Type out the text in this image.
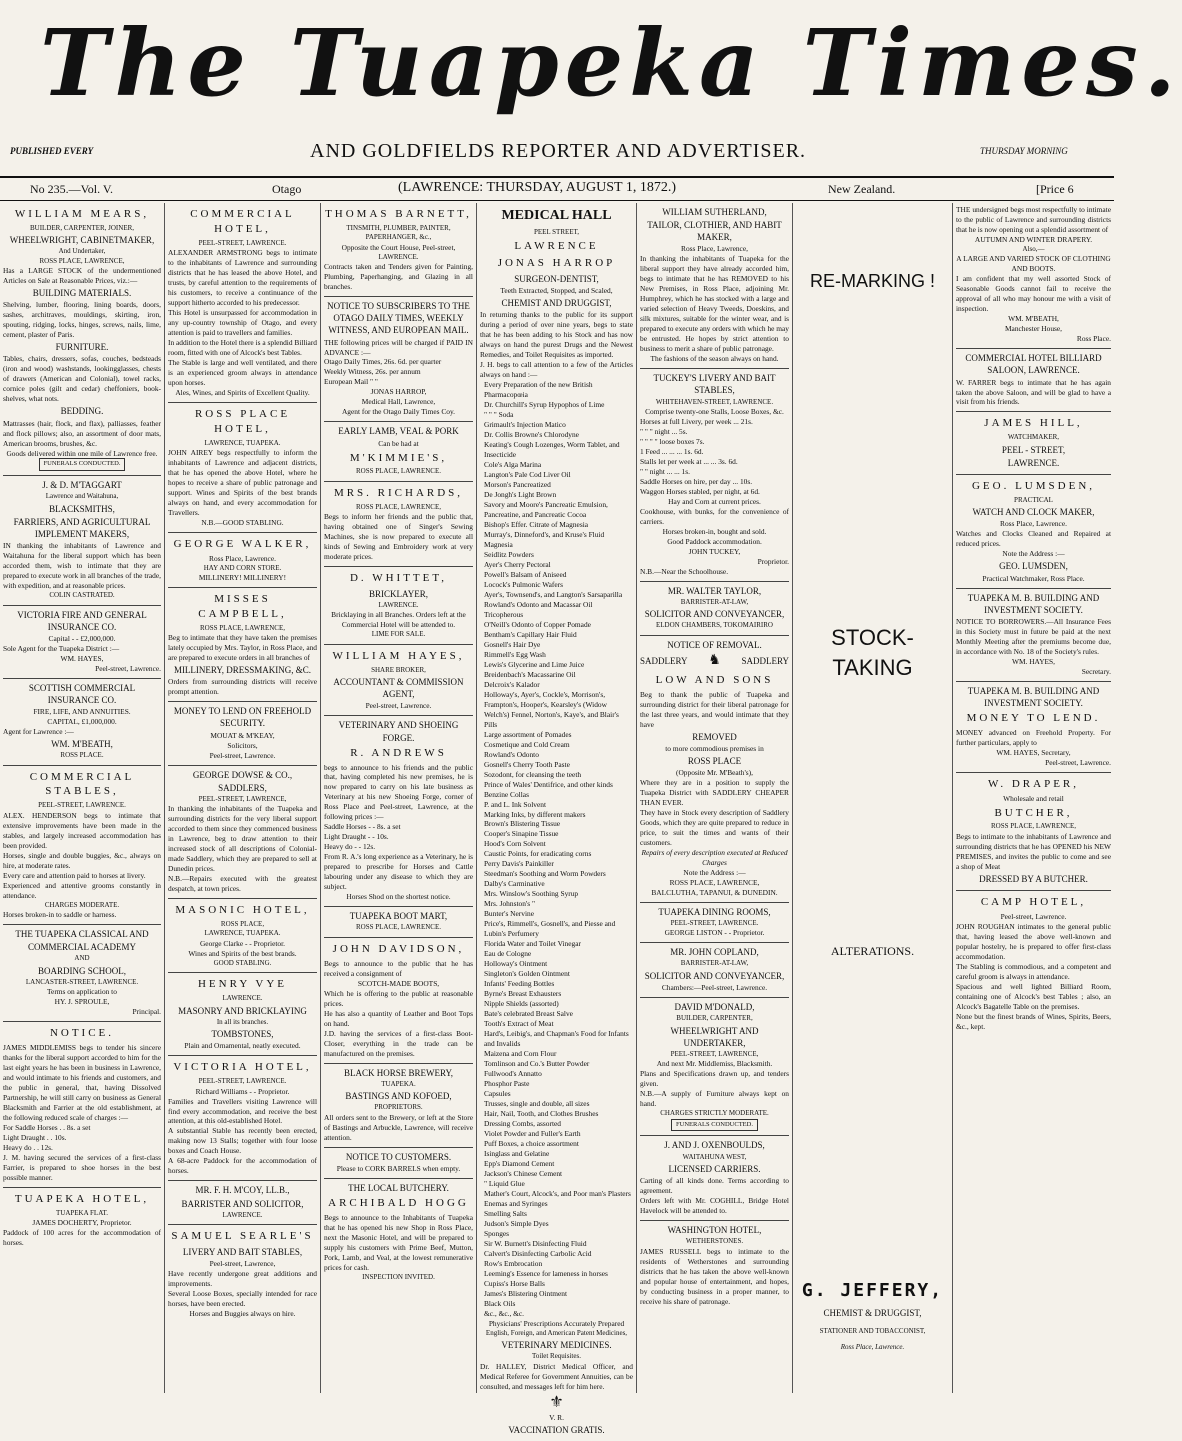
The Tuapeka Times.
PUBLISHED EVERY	AND GOLDFIELDS REPORTER AND ADVERTISER.	THURSDAY MORNING
No 235.—Vol. V.	Otago	(LAWRENCE: THURSDAY, AUGUST 1, 1872.)	New Zealand.	[Price 6
WILLIAM MEARS,
BUILDER, CARPENTER, JOINER,
WHEELWRIGHT, CABINETMAKER,
And Undertaker,
ROSS PLACE, LAWRENCE,
Has a LARGE STOCK of the undermentioned Articles on Sale at Reasonable Prices, viz.:—
BUILDING MATERIALS.
Shelving, lumber, flooring, lining boards, doors, sashes, architraves, mouldings, skirting, iron, spouting, ridging, locks, hinges, screws, nails, lime, cement, plaster of Paris.
FURNITURE.
Tables, chairs, dressers, sofas, couches, bedsteads (iron and wood) washstands, lookingglasses, chests of drawers (American and Colonial), towel racks, cornice poles (gilt and cedar) cheffoniers, book-shelves, what nots.
BEDDING.
Mattrasses (hair, flock, and flax), palliasses, feather and flock pillows; also, an assortment of door mats, American brooms, brushes, &c.
Goods delivered within one mile of Lawrence free.
FUNERALS CONDUCTED.
J. & D. M'TAGGART
Lawrence and Waitahuna,
BLACKSMITHS,
FARRIERS, AND AGRICULTURAL IMPLEMENT MAKERS,
IN thanking the inhabitants of Lawrence and Waitahuna for the liberal support which has been accorded them, wish to intimate that they are prepared to execute work in all branches of the trade, with expedition, and at reasonable prices.
COLIN CASTRATED.
VICTORIA FIRE AND GENERAL INSURANCE CO.
Capital - - £2,000,000.
Sole Agent for the Tuapeka District :—
WM. HAYES,
Peel-street, Lawrence.
SCOTTISH COMMERCIAL INSURANCE CO.
FIRE, LIFE, AND ANNUITIES.
CAPITAL, £1,000,000.
Agent for Lawrence :—
WM. M'BEATH,
ROSS PLACE.
COMMERCIAL STABLES,
PEEL-STREET, LAWRENCE.
ALEX. HENDERSON begs to intimate that extensive improvements have been made in the stables, and largely increased accommodation has been provided.
Horses, single and double buggies, &c., always on hire, at moderate rates.
Every care and attention paid to horses at livery.
Experienced and attentive grooms constantly in attendance.
CHARGES MODERATE.
Horses broken-in to saddle or harness.
THE TUAPEKA CLASSICAL AND
COMMERCIAL ACADEMY
AND
BOARDING SCHOOL,
LANCASTER-STREET, LAWRENCE.
Terms on application to
HY. J. SPROULE,
Principal.
NOTICE.
JAMES MIDDLEMISS begs to tender his sincere thanks for the liberal support accorded to him for the last eight years he has been in business in Lawrence, and would intimate to his friends and customers, and the public in general, that, having Dissolved Partnership, he will still carry on business as General Blacksmith and Farrier at the old establishment, at the following reduced scale of charges :—
For Saddle Horses . . 8s. a set
Light Draught . . 10s.
Heavy do . . 12s.
J. M. having secured the services of a first-class Farrier, is prepared to shoe horses in the best possible manner.
TUAPEKA HOTEL,
TUAPEKA FLAT.
JAMES DOCHERTY, Proprietor.
Paddock of 100 acres for the accommodation of horses.
COMMERCIAL HOTEL,
PEEL-STREET, LAWRENCE.
ALEXANDER ARMSTRONG begs to intimate to the inhabitants of Lawrence and surrounding districts that he has leased the above Hotel, and trusts, by careful attention to the requirements of his customers, to receive a continuance of the support hitherto accorded to his predecessor.
This Hotel is unsurpassed for accommodation in any up-country township of Otago, and every attention is paid to travellers and families.
In addition to the Hotel there is a splendid Billiard room, fitted with one of Alcock's best Tables.
The Stable is large and well ventilated, and there is an experienced groom always in attendance upon horses.
Ales, Wines, and Spirits of Excellent Quality.
ROSS PLACE HOTEL,
LAWRENCE, TUAPEKA.
JOHN AIREY begs respectfully to inform the inhabitants of Lawrence and adjacent districts, that he has opened the above Hotel, where he hopes to receive a share of public patronage and support. Wines and Spirits of the best brands always on hand, and every accommodation for Travellers.
N.B.—GOOD STABLING.
GEORGE WALKER,
Ross Place, Lawrence.
HAY AND CORN STORE.
MILLINERY! MILLINERY!
MISSES CAMPBELL,
ROSS PLACE, LAWRENCE,
Beg to intimate that they have taken the premises lately occupied by Mrs. Taylor, in Ross Place, and are prepared to execute orders in all branches of
MILLINERY, DRESSMAKING, &C.
Orders from surrounding districts will receive prompt attention.
MONEY TO LEND ON FREEHOLD SECURITY.
MOUAT & M'KEAY,
Solicitors,
Peel-street, Lawrence.
GEORGE DOWSE & CO.,
SADDLERS,
PEEL-STREET, LAWRENCE,
In thanking the inhabitants of the Tuapeka and surrounding districts for the very liberal support accorded to them since they commenced business in Lawrence, beg to draw attention to their increased stock of all descriptions of Colonial-made Saddlery, which they are prepared to sell at Dunedin prices.
N.B.—Repairs executed with the greatest despatch, at town prices.
MASONIC HOTEL,
ROSS PLACE,
LAWRENCE, TUAPEKA.
George Clarke - - Proprietor.
Wines and Spirits of the best brands.
GOOD STABLING.
HENRY VYE
LAWRENCE.
MASONRY AND BRICKLAYING
In all its branches.
TOMBSTONES,
Plain and Ornamental, neatly executed.
VICTORIA HOTEL,
PEEL-STREET, LAWRENCE.
Richard Williams - - Proprietor.
Families and Travellers visiting Lawrence will find every accommodation, and receive the best attention, at this old-established Hotel.
A substantial Stable has recently been erected, making now 13 Stalls; together with four loose boxes and Coach House.
A 68-acre Paddock for the accommodation of horses.
MR. F. H. M'COY, LL.B.,
BARRISTER AND SOLICITOR,
LAWRENCE.
SAMUEL SEARLE'S
LIVERY AND BAIT STABLES,
Peel-street, Lawrence,
Have recently undergone great additions and improvements.
Several Loose Boxes, specially intended for race horses, have been erected.
Horses and Buggies always on hire.
THOMAS BARNETT,
TINSMITH, PLUMBER, PAINTER,
PAPERHANGER, &c.,
Opposite the Court House, Peel-street,
LAWRENCE.
Contracts taken and Tenders given for Painting, Plumbing, Paperhanging, and Glazing in all branches.
NOTICE TO SUBSCRIBERS TO THE OTAGO DAILY TIMES, WEEKLY WITNESS, AND EUROPEAN MAIL.
THE following prices will be charged if PAID IN ADVANCE :—
Otago Daily Times, 26s. 6d. per quarter
Weekly Witness, 26s. per annum
European Mail " "
JONAS HARROP,
Medical Hall, Lawrence,
Agent for the Otago Daily Times Coy.
EARLY LAMB, VEAL & PORK
Can be had at
M'KIMMIE'S,
ROSS PLACE, LAWRENCE.
MRS. RICHARDS,
ROSS PLACE, LAWRENCE,
Begs to inform her friends and the public that, having obtained one of Singer's Sewing Machines, she is now prepared to execute all kinds of Sewing and Embroidery work at very moderate prices.
D. WHITTET,
BRICKLAYER,
LAWRENCE.
Bricklaying in all Branches. Orders left at the Commercial Hotel will be attended to.
LIME FOR SALE.
WILLIAM HAYES,
SHARE BROKER,
ACCOUNTANT & COMMISSION AGENT,
Peel-street, Lawrence.
VETERINARY AND SHOEING FORGE.
R. ANDREWS
begs to announce to his friends and the public that, having completed his new premises, he is now prepared to carry on his late business as Veterinary at his new Shoeing Forge, corner of Ross Place and Peel-street, Lawrence, at the following prices :—
Saddle Horses - - 8s. a set
Light Draught - - 10s.
Heavy do - - 12s.
From R. A.'s long experience as a Veterinary, he is prepared to prescribe for Horses and Cattle labouring under any disease to which they are subject.
Horses Shod on the shortest notice.
TUAPEKA BOOT MART,
ROSS PLACE, LAWRENCE.
JOHN DAVIDSON,
Begs to announce to the public that he has received a consignment of
SCOTCH-MADE BOOTS,
Which he is offering to the public at reasonable prices.
He has also a quantity of Leather and Boot Tops on hand.
J.D. having the services of a first-class Boot-Closer, everything in the trade can be manufactured on the premises.
BLACK HORSE BREWERY,
TUAPEKA.
BASTINGS AND KOFOED,
PROPRIETORS.
All orders sent to the Brewery, or left at the Store of Bastings and Arbuckle, Lawrence, will receive attention.
NOTICE TO CUSTOMERS.
Please to CORK BARRELS when empty.
THE LOCAL BUTCHERY.
ARCHIBALD HOGG
Begs to announce to the Inhabitants of Tuapeka that he has opened his new Shop in Ross Place, next the Masonic Hotel, and will be prepared to supply his customers with Prime Beef, Mutton, Pork, Lamb, and Veal, at the lowest remunerative prices for cash.
INSPECTION INVITED.
MEDICAL HALL
PEEL STREET,
LAWRENCE
JONAS HARROP
SURGEON-DENTIST,
Teeth Extracted, Stopped, and Scaled,
CHEMIST AND DRUGGIST,
In returning thanks to the public for its support during a period of over nine years, begs to state that he has been adding to his Stock and has now always on hand the purest Drugs and the Newest Remedies, and Toilet Requisites as imported.
J. H. begs to call attention to a few of the Articles always on hand :—
Every Preparation of the new British Pharmacopœia
Dr. Churchill's Syrup Hypophos of Lime
" " " Soda
Grimault's Injection Matico
Dr. Collis Browne's Chlorodyne
Keating's Cough Lozenges, Worm Tablet, and Insecticide
Cole's Alga Marina
Langton's Pale Cod Liver Oil
Morson's Pancreatized
De Jongh's Light Brown
Savory and Moore's Pancreatic Emulsion, Pancreatine, and Pancreatic Cocoa
Bishop's Effer. Citrate of Magnesia
Murray's, Dinneford's, and Kruse's Fluid Magnesia
Seidlitz Powders
Ayer's Cherry Pectoral
Powell's Balsam of Aniseed
Locock's Pulmonic Wafers
Ayer's, Townsend's, and Langton's Sarsaparilla
Rowland's Odonto and Macassar Oil
Tricopherous
O'Neill's Odonto of Copper Pomade
Bentham's Capillary Hair Fluid
Gosnell's Hair Dye
Rimmell's Egg Wash
Lewis's Glycerine and Lime Juice
Breidenbach's Macassarine Oil
Delcroix's Kalador
Holloway's, Ayer's, Cockle's, Morrison's, Frampton's, Hooper's, Kearsley's (Widow Welch's) Fennel, Norton's, Kaye's, and Blair's Pills
Large assortment of Pomades
Cosmetique and Cold Cream
Rowland's Odonto
Gosnell's Cherry Tooth Paste
Sozodont, for cleansing the teeth
Prince of Wales' Dentifrice, and other kinds
Benzine Collas
P. and L. Ink Solvent
Marking Inks, by different makers
Brown's Blistering Tissue
Cooper's Sinapine Tissue
Hood's Corn Solvent
Caustic Points, for eradicating corns
Perry Davis's Painkiller
Steedman's Soothing and Worm Powders
Dalby's Carminative
Mrs. Winslow's Soothing Syrup
Mrs. Johnston's "
Bunter's Nervine
Price's, Rimmell's, Gosnell's, and Piesse and Lubin's Perfumery
Florida Water and Toilet Vinegar
Eau de Cologne
Holloway's Ointment
Singleton's Golden Ointment
Infants' Feeding Bottles
Byrne's Breast Exhausters
Nipple Shields (assorted)
Bate's celebrated Breast Salve
Tooth's Extract of Meat
Hard's, Leibig's, and Chapman's Food for Infants and Invalids
Maizena and Corn Flour
Tomlinson and Co.'s Butter Powder
Fullwood's Annatto
Phosphor Paste
Capsules
Trusses, single and double, all sizes
Hair, Nail, Tooth, and Clothes Brushes
Dressing Combs, assorted
Violet Powder and Fuller's Earth
Puff Boxes, a choice assortment
Isinglass and Gelatine
Epp's Diamond Cement
Jackson's Chinese Cement
" Liquid Glue
Mather's Court, Alcock's, and Poor man's Plasters
Enemas and Syringes
Smelling Salts
Judson's Simple Dyes
Sponges
Sir W. Burnett's Disinfecting Fluid
Calvert's Disinfecting Carbolic Acid
Row's Embrocation
Leeming's Essence for lameness in horses
Cupiss's Horse Balls
James's Blistering Ointment
Black Oils
&c., &c., &c.
Physicians' Prescriptions Accurately Prepared
English, Foreign, and American Patent Medicines,
VETERINARY MEDICINES.
Toilet Requisites.
Dr. HALLEY, District Medical Officer, and Medical Referee for Government Annuities, can be consulted, and messages left for him here.
⚜
V. R.
VACCINATION GRATIS.
WILLIAM SUTHERLAND,
TAILOR, CLOTHIER, AND HABIT MAKER,
Ross Place, Lawrence,
In thanking the inhabitants of Tuapeka for the liberal support they have already accorded him, begs to intimate that he has REMOVED to his New Premises, in Ross Place, adjoining Mr. Humphrey, which he has stocked with a large and varied selection of Heavy Tweeds, Doeskins, and silk mixtures, suitable for the winter wear, and is prepared to execute any orders with which he may be entrusted. He hopes by strict attention to business to merit a share of public patronage.
The fashions of the season always on hand.
TUCKEY'S LIVERY AND BAIT STABLES,
WHITEHAVEN-STREET, LAWRENCE.
Comprise twenty-one Stalls, Loose Boxes, &c.
Horses at full Livery, per week ... 21s.
" " " night ... 5s.
" " " " loose boxes 7s.
1 Feed ... ... ... 1s. 6d.
Stalls let per week at ... ... 3s. 6d.
" " night ... ... 1s.
Saddle Horses on hire, per day ... 10s.
Waggon Horses stabled, per night, at 6d.
Hay and Corn at current prices.
Cookhouse, with bunks, for the convenience of carriers.
Horses broken-in, bought and sold.
Good Paddock accommodation.
JOHN TUCKEY,
Proprietor.
N.B.—Near the Schoolhouse.
MR. WALTER TAYLOR,
BARRISTER-AT-LAW,
SOLICITOR AND CONVEYANCER,
ELDON CHAMBERS, TOKOMAIRIRO
NOTICE OF REMOVAL.
SADDLERY ♞ SADDLERY
LOW AND SONS
Beg to thank the public of Tuapeka and surrounding district for their liberal patronage for the last three years, and would intimate that they have
REMOVED
to more commodious premises in
ROSS PLACE
(Opposite Mr. M'Beath's),
Where they are in a position to supply the Tuapeka District with SADDLERY CHEAPER THAN EVER.
They have in Stock every description of Saddlery Goods, which they are quite prepared to reduce in price, to suit the times and wants of their customers.
Repairs of every description executed at Reduced Charges
Note the Address :—
ROSS PLACE, LAWRENCE,
BALCLUTHA, TAPANUI, & DUNEDIN.
TUAPEKA DINING ROOMS,
PEEL-STREET, LAWRENCE.
GEORGE LISTON - - Proprietor.
MR. JOHN COPLAND,
BARRISTER-AT-LAW,
SOLICITOR AND CONVEYANCER,
Chambers:—Peel-street, Lawrence.
DAVID M'DONALD,
BUILDER, CARPENTER,
WHEELWRIGHT AND UNDERTAKER,
PEEL-STREET, LAWRENCE,
And next Mr. Middlemiss, Blacksmith.
Plans and Specifications drawn up, and tenders given.
N.B.—A supply of Furniture always kept on hand.
CHARGES STRICTLY MODERATE.
FUNERALS CONDUCTED.
J. AND J. OXENBOULDS,
WAITAHUNA WEST,
LICENSED CARRIERS.
Carting of all kinds done. Terms according to agreement.
Orders left with Mr. COGHILL, Bridge Hotel Havelock will be attended to.
WASHINGTON HOTEL,
WETHERSTONES.
JAMES RUSSELL begs to intimate to the residents of Wetherstones and surrounding districts that he has taken the above well-known and popular house of entertainment, and hopes, by conducting business in a proper manner, to receive his share of patronage.
RE-MARKING !
STOCK-TAKING
ALTERATIONS.
G. JEFFERY,
CHEMIST & DRUGGIST,
STATIONER AND TOBACCONIST,
Ross Place, Lawrence.
THE undersigned begs most respectfully to intimate to the public of Lawrence and surrounding districts that he is now opening out a splendid assortment of
AUTUMN AND WINTER DRAPERY.
Also,—
A LARGE AND VARIED STOCK OF CLOTHING AND BOOTS.
I am confident that my well assorted Stock of Seasonable Goods cannot fail to receive the approval of all who may honour me with a visit of inspection.
WM. M'BEATH,
Manchester House,
Ross Place.
COMMERCIAL HOTEL BILLIARD SALOON, LAWRENCE.
W. FARRER begs to intimate that he has again taken the above Saloon, and will be glad to have a visit from his friends.
JAMES HILL,
WATCHMAKER,
PEEL - STREET,
LAWRENCE.
GEO. LUMSDEN,
PRACTICAL
WATCH AND CLOCK MAKER,
Ross Place, Lawrence.
Watches and Clocks Cleaned and Repaired at reduced prices.
Note the Address :—
GEO. LUMSDEN,
Practical Watchmaker, Ross Place.
TUAPEKA M. B. BUILDING AND INVESTMENT SOCIETY.
NOTICE TO BORROWERS.—All Insurance Fees in this Society must in future be paid at the next Monthly Meeting after the premiums become due, in accordance with No. 18 of the Society's rules.
WM. HAYES,
Secretary.
TUAPEKA M. B. BUILDING AND INVESTMENT SOCIETY.
MONEY TO LEND.
MONEY advanced on Freehold Property. For further particulars, apply to
WM. HAYES, Secretary,
Peel-street, Lawrence.
W. DRAPER,
Wholesale and retail
BUTCHER,
ROSS PLACE, LAWRENCE,
Begs to intimate to the inhabitants of Lawrence and surrounding districts that he has OPENED his NEW PREMISES, and invites the public to come and see a shop of Meat
DRESSED BY A BUTCHER.
CAMP HOTEL,
Peel-street, Lawrence.
JOHN ROUGHAN intimates to the general public that, having leased the above well-known and popular hostelry, he is prepared to offer first-class accommodation.
The Stabling is commodious, and a competent and careful groom is always in attendance.
Spacious and well lighted Billiard Room, containing one of Alcock's best Tables ; also, an Alcock's Bagatelle Table on the premises.
None but the finest brands of Wines, Spirits, Beers, &c., kept.
